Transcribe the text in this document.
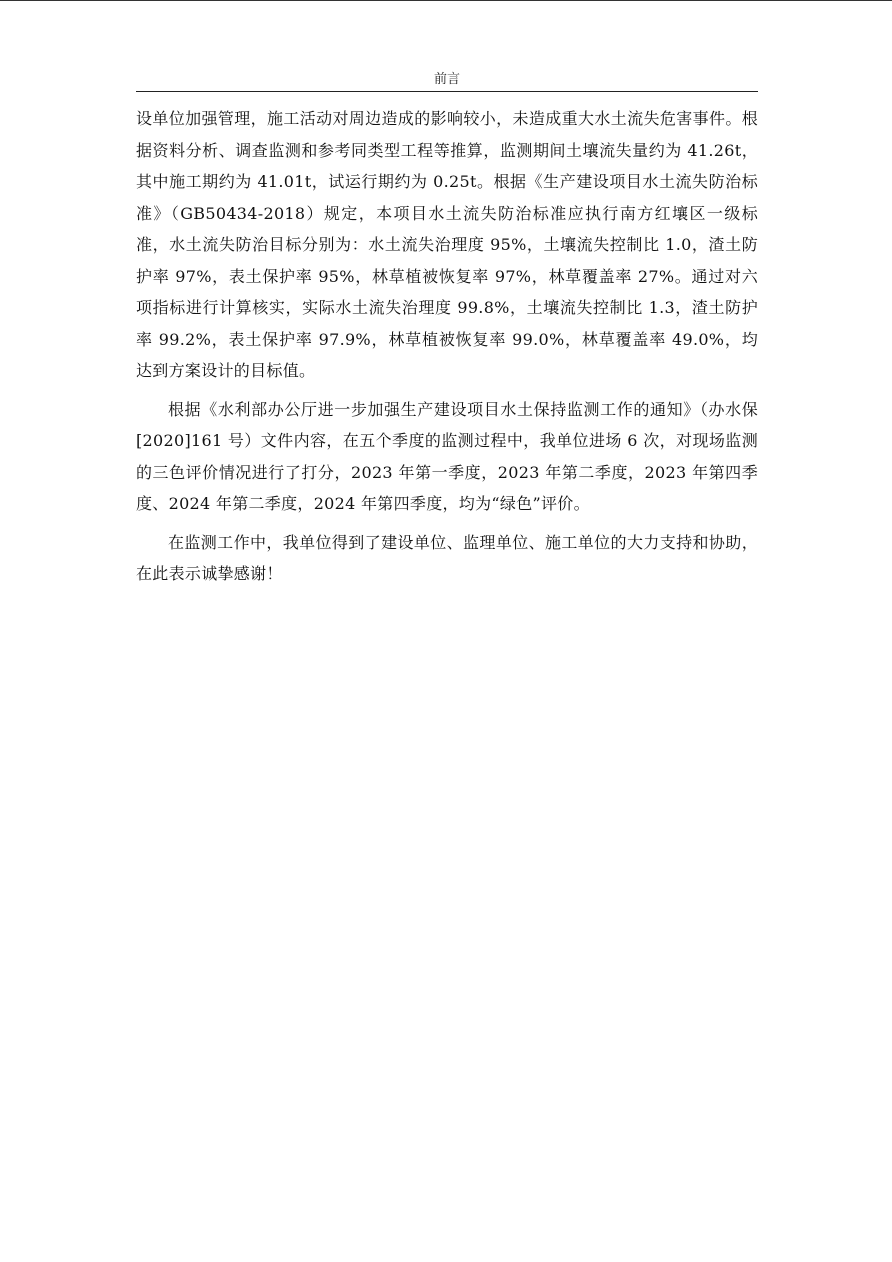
前言

设单位加强管理，施工活动对周边造成的影响较小，未造成重大水土流失危害事件。根据资料分析、调查监测和参考同类型工程等推算，监测期间土壤流失量约为 41.26t，其中施工期约为 41.01t，试运行期约为 0.25t。根据《生产建设项目水土流失防治标准》（GB50434-2018）规定，本项目水土流失防治标准应执行南方红壤区一级标准，水土流失防治目标分别为：水土流失治理度 95%，土壤流失控制比 1.0，渣土防护率 97%，表土保护率 95%，林草植被恢复率 97%，林草覆盖率 27%。通过对六项指标进行计算核实，实际水土流失治理度 99.8%，土壤流失控制比 1.3，渣土防护率 99.2%，表土保护率 97.9%，林草植被恢复率 99.0%，林草覆盖率 49.0%，均达到方案设计的目标值。

根据《水利部办公厅进一步加强生产建设项目水土保持监测工作的通知》（办水保[2020]161 号）文件内容，在五个季度的监测过程中，我单位进场 6 次，对现场监测的三色评价情况进行了打分，2023 年第一季度，2023 年第二季度，2023 年第四季度、2024 年第二季度，2024 年第四季度，均为“绿色”评价。

在监测工作中，我单位得到了建设单位、监理单位、施工单位的大力支持和协助，在此表示诚挚感谢！
